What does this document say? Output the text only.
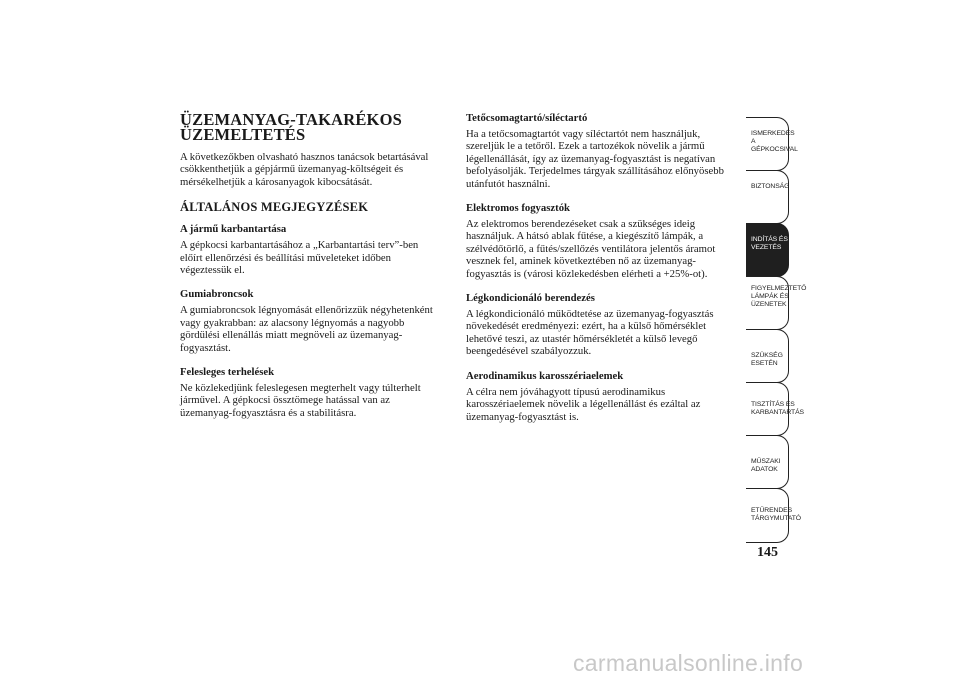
ÜZEMANYAG-TAKARÉKOS
ÜZEMELTETÉS

A következőkben olvasható hasznos tanácsok betartásával csökkenthetjük a gépjármű üzemanyag-költségeit és mérsékelhetjük a károsanyagok kibocsátását.

ÁLTALÁNOS MEGJEGYZÉSEK
A jármű karbantartása

A gépkocsi karbantartásához a „Karbantartási terv”-ben előírt ellenőrzési és beállítási műveleteket időben végeztessük el.

Gumiabroncsok

A gumiabroncsok légnyomását ellenőrizzük négyhetenként vagy gyakrabban: az alacsony légnyomás a nagyobb gördülési ellenállás miatt megnöveli az üzemanyag-fogyasztást.

Felesleges terhelések

Ne közlekedjünk feleslegesen megterhelt vagy túlterhelt járművel. A gépkocsi össztömege hatással van az üzemanyag-fogyasztásra és a stabilitásra.

Tetőcsomagtartó/síléctartó

Ha a tetőcsomagtartót vagy síléctartót nem használjuk, szereljük le a tetőről. Ezek a tartozékok növelik a jármű légellenállását, így az üzemanyag-fogyasztást is negatívan befolyásolják. Terjedelmes tárgyak szállításához előnyösebb utánfutót használni.

Elektromos fogyasztók

Az elektromos berendezéseket csak a szükséges ideig használjuk. A hátsó ablak fűtése, a kiegészítő lámpák, a szélvédőtörlő, a fűtés/szellőzés ventilátora jelentős áramot vesznek fel, aminek következtében nő az üzemanyag-fogyasztás is (városi közlekedésben elérheti a +25%-ot).

Légkondicionáló berendezés

A légkondicionáló működtetése az üzemanyag-fogyasztás növekedését eredményezi: ezért, ha a külső hőmérséklet lehetővé teszi, az utastér hőmérsékletét a külső levegő beengedésével szabályozzuk.

Aerodinamikus karosszériaelemek

A célra nem jóváhagyott típusú aerodinamikus karosszériaelemek növelik a légellenállást és ezáltal az üzemanyag-fogyasztást is.

ISMERKEDÉS A
GÉPKOCSIVAL
BIZTONSÁG
INDÍTÁS ÉS
VEZETÉS
FIGYELMEZTETŐ
LÁMPÁK ÉS
ÜZENETEK
SZÜKSÉG ESETÉN
TISZTÍTÁS ÉS
KARBANTARTÁS
MŰSZAKI ADATOK
ETŰRENDES
TÁRGYMUTATÓ
145
carmanualsonline.info
